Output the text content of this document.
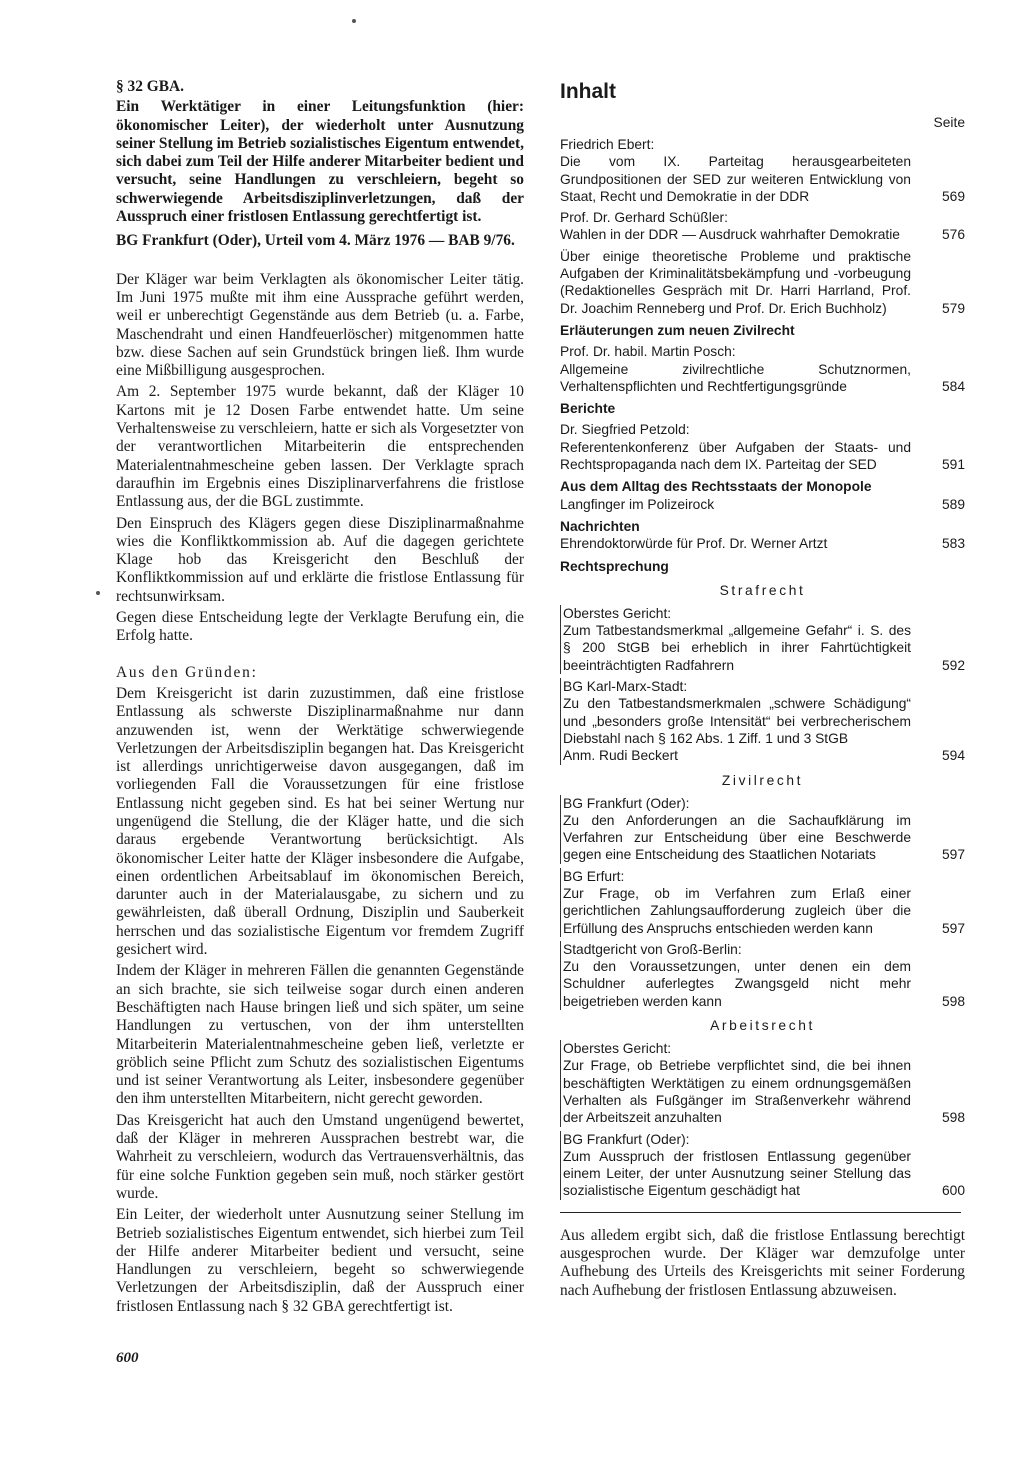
§ 32 GBA.

Ein Werktätiger in einer Leitungsfunktion (hier: ökonomischer Leiter), der wiederholt unter Ausnutzung seiner Stellung im Betrieb sozialistisches Eigentum entwendet, sich dabei zum Teil der Hilfe anderer Mitarbeiter bedient und versucht, seine Handlungen zu verschleiern, begeht so schwerwiegende Arbeitsdisziplinverletzungen, daß der Ausspruch einer fristlosen Entlassung gerechtfertigt ist.

BG Frankfurt (Oder), Urteil vom 4. März 1976 — BAB 9/76.

Der Kläger war beim Verklagten als ökonomischer Leiter tätig. Im Juni 1975 mußte mit ihm eine Aussprache geführt werden, weil er unberechtigt Gegenstände aus dem Betrieb (u. a. Farbe, Maschendraht und einen Handfeuerlöscher) mitgenommen hatte bzw. diese Sachen auf sein Grundstück bringen ließ. Ihm wurde eine Mißbilligung ausgesprochen.

Am 2. September 1975 wurde bekannt, daß der Kläger 10 Kartons mit je 12 Dosen Farbe entwendet hatte. Um seine Verhaltensweise zu verschleiern, hatte er sich als Vorgesetzter von der verantwortlichen Mitarbeiterin die entsprechenden Materialentnahmescheine geben lassen. Der Verklagte sprach daraufhin im Ergebnis eines Disziplinarverfahrens die fristlose Entlassung aus, der die BGL zustimmte.

Den Einspruch des Klägers gegen diese Disziplinarmaßnahme wies die Konfliktkommission ab. Auf die dagegen gerichtete Klage hob das Kreisgericht den Beschluß der Konfliktkommission auf und erklärte die fristlose Entlassung für rechtsunwirksam.

Gegen diese Entscheidung legte der Verklagte Berufung ein, die Erfolg hatte.

Aus den Gründen:

Dem Kreisgericht ist darin zuzustimmen, daß eine fristlose Entlassung als schwerste Disziplinarmaßnahme nur dann anzuwenden ist, wenn der Werktätige schwerwiegende Verletzungen der Arbeitsdisziplin begangen hat. Das Kreisgericht ist allerdings unrichtigerweise davon ausgegangen, daß im vorliegenden Fall die Voraussetzungen für eine fristlose Entlassung nicht gegeben sind. Es hat bei seiner Wertung nur ungenügend die Stellung, die der Kläger hatte, und die sich daraus ergebende Verantwortung berücksichtigt. Als ökonomischer Leiter hatte der Kläger insbesondere die Aufgabe, einen ordentlichen Arbeitsablauf im ökonomischen Bereich, darunter auch in der Materialausgabe, zu sichern und zu gewährleisten, daß überall Ordnung, Disziplin und Sauberkeit herrschen und das sozialistische Eigentum vor fremdem Zugriff gesichert wird.

Indem der Kläger in mehreren Fällen die genannten Gegenstände an sich brachte, sie sich teilweise sogar durch einen anderen Beschäftigten nach Hause bringen ließ und sich später, um seine Handlungen zu vertuschen, von der ihm unterstellten Mitarbeiterin Materialentnahmescheine geben ließ, verletzte er gröblich seine Pflicht zum Schutz des sozialistischen Eigentums und ist seiner Verantwortung als Leiter, insbesondere gegenüber den ihm unterstellten Mitarbeitern, nicht gerecht geworden.

Das Kreisgericht hat auch den Umstand ungenügend bewertet, daß der Kläger in mehreren Aussprachen bestrebt war, die Wahrheit zu verschleiern, wodurch das Vertrauensverhältnis, das für eine solche Funktion gegeben sein muß, noch stärker gestört wurde.

Ein Leiter, der wiederholt unter Ausnutzung seiner Stellung im Betrieb sozialistisches Eigentum entwendet, sich hierbei zum Teil der Hilfe anderer Mitarbeiter bedient und versucht, seine Handlungen zu verschleiern, begeht so schwerwiegende Verletzungen der Arbeitsdisziplin, daß der Ausspruch einer fristlosen Entlassung nach § 32 GBA gerechtfertigt ist.

600

Inhalt

Seite

Friedrich Ebert:
Die vom IX. Parteitag herausgearbeiteten Grundpositionen der SED zur weiteren Entwicklung von Staat, Recht und Demokratie in der DDR	569
Prof. Dr. Gerhard Schüßler:
Wahlen in der DDR — Ausdruck wahrhafter Demokratie	576
Über einige theoretische Probleme und praktische Aufgaben der Kriminalitätsbekämpfung und -vorbeugung (Redaktionelles Gespräch mit Dr. Harri Harrland, Prof. Dr. Joachim Renneberg und Prof. Dr. Erich Buchholz)	579
Erläuterungen zum neuen Zivilrecht
Prof. Dr. habil. Martin Posch:
Allgemeine zivilrechtliche Schutznormen, Verhaltenspflichten und Rechtfertigungsgründe	584
Berichte
Dr. Siegfried Petzold:
Referentenkonferenz über Aufgaben der Staats- und Rechtspropaganda nach dem IX. Parteitag der SED	591
Aus dem Alltag des Rechtsstaats der Monopole
Langfinger im Polizeirock	589
Nachrichten
Ehrendoktorwürde für Prof. Dr. Werner Artzt	583
Rechtsprechung
Strafrecht
Oberstes Gericht:
Zum Tatbestandsmerkmal „allgemeine Gefahr“ i. S. des § 200 StGB bei erheblich in ihrer Fahrtüchtigkeit beeinträchtigten Radfahrern	592
BG Karl-Marx-Stadt:
Zu den Tatbestandsmerkmalen „schwere Schädigung“ und „besonders große Intensität“ bei verbrecherischem Diebstahl nach § 162 Abs. 1 Ziff. 1 und 3 StGB
Anm. Rudi Beckert	594
Zivilrecht
BG Frankfurt (Oder):
Zu den Anforderungen an die Sachaufklärung im Verfahren zur Entscheidung über eine Beschwerde gegen eine Entscheidung des Staatlichen Notariats	597
BG Erfurt:
Zur Frage, ob im Verfahren zum Erlaß einer gerichtlichen Zahlungsaufforderung zugleich über die Erfüllung des Anspruchs entschieden werden kann	597
Stadtgericht von Groß-Berlin:
Zu den Voraussetzungen, unter denen ein dem Schuldner auferlegtes Zwangsgeld nicht mehr beigetrieben werden kann	598
Arbeitsrecht
Oberstes Gericht:
Zur Frage, ob Betriebe verpflichtet sind, die bei ihnen beschäftigten Werktätigen zu einem ordnungsgemäßen Verhalten als Fußgänger im Straßenverkehr während der Arbeitszeit anzuhalten	598
BG Frankfurt (Oder):
Zum Ausspruch der fristlosen Entlassung gegenüber einem Leiter, der unter Ausnutzung seiner Stellung das sozialistische Eigentum geschädigt hat	600

Aus alledem ergibt sich, daß die fristlose Entlassung berechtigt ausgesprochen wurde. Der Kläger war demzufolge unter Aufhebung des Urteils des Kreisgerichts mit seiner Forderung nach Aufhebung der fristlosen Entlassung abzuweisen.
